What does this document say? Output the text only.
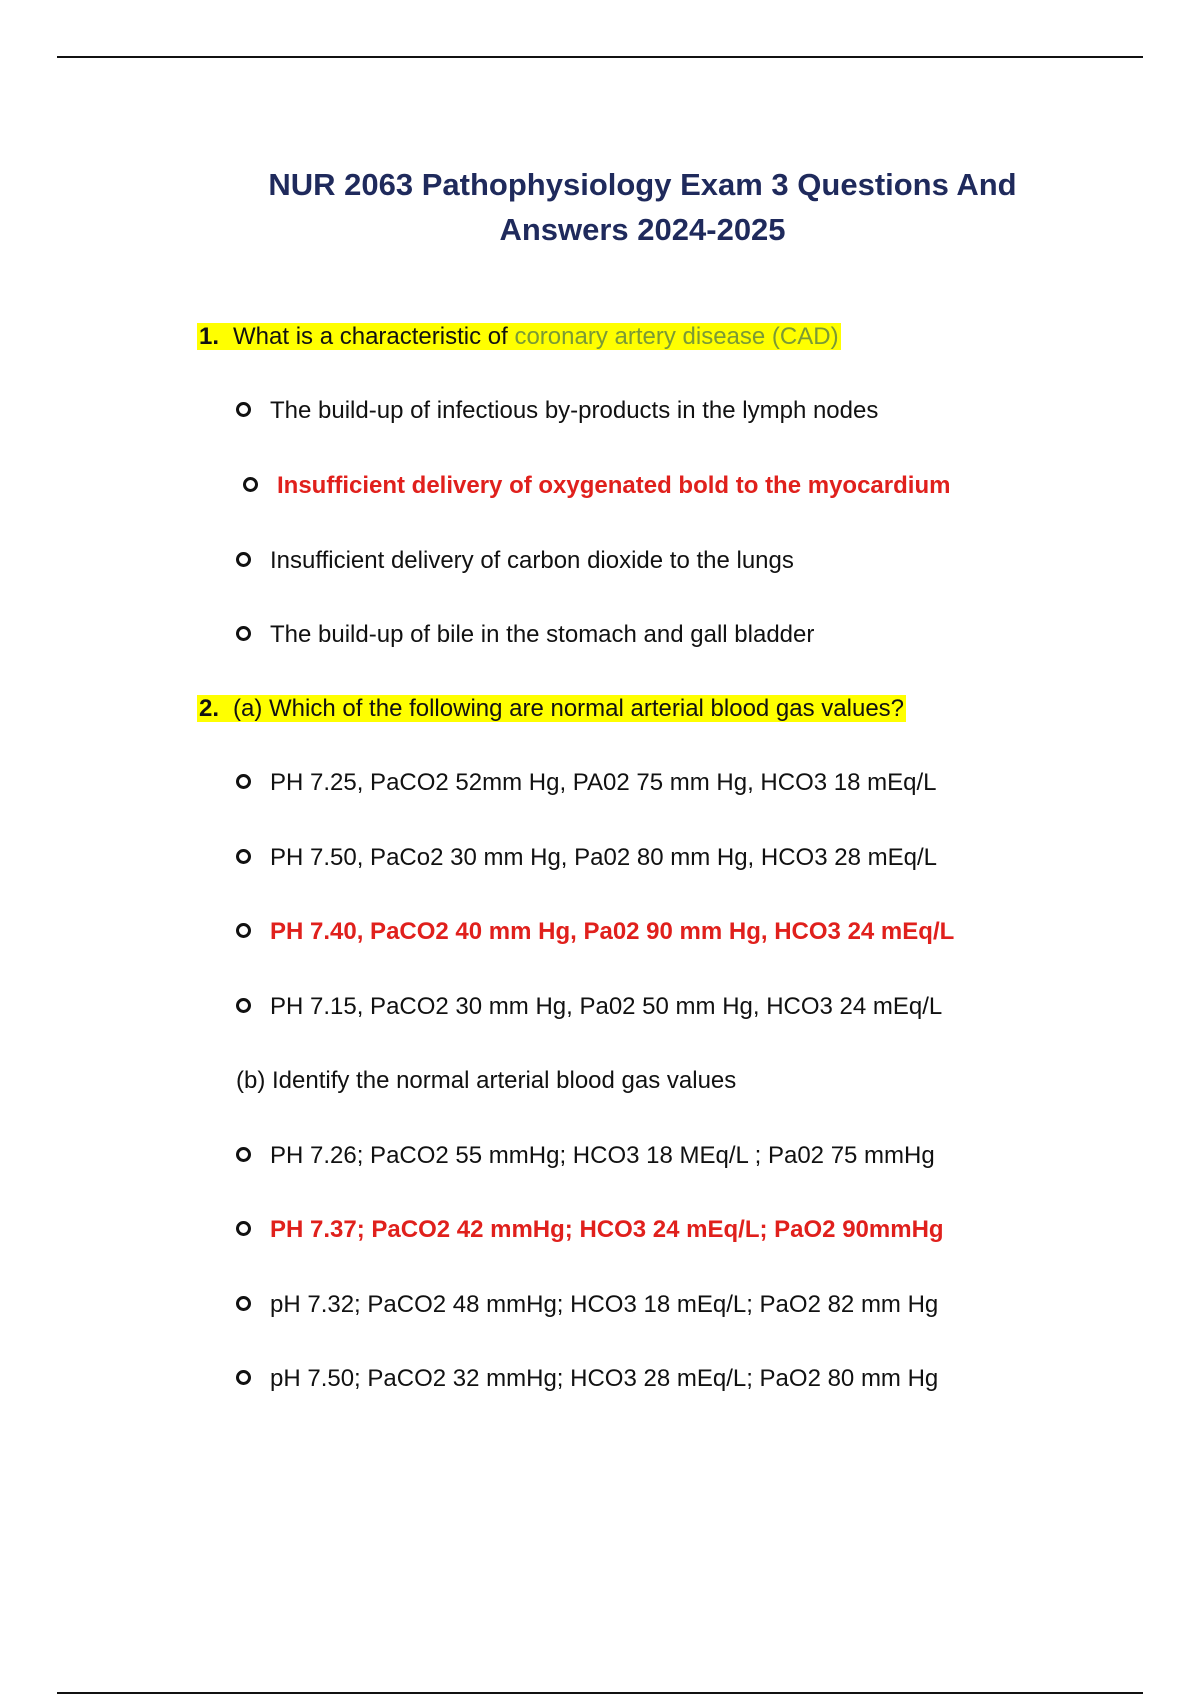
NUR 2063 Pathophysiology Exam 3 Questions And
Answers 2024-2025
1. What is a characteristic of coronary artery disease (CAD)
The build-up of infectious by-products in the lymph nodes
Insufficient delivery of oxygenated bold to the myocardium
Insufficient delivery of carbon dioxide to the lungs
The build-up of bile in the stomach and gall bladder
2. (a) Which of the following are normal arterial blood gas values?
PH 7.25, PaCO2 52mm Hg, PA02 75 mm Hg, HCO3 18 mEq/L
PH 7.50, PaCo2 30 mm Hg, Pa02 80 mm Hg, HCO3 28 mEq/L
PH 7.40, PaCO2 40 mm Hg, Pa02 90 mm Hg, HCO3 24 mEq/L
PH 7.15, PaCO2 30 mm Hg, Pa02 50 mm Hg, HCO3 24 mEq/L
(b) Identify the normal arterial blood gas values
PH 7.26; PaCO2 55 mmHg; HCO3 18 MEq/L ; Pa02 75 mmHg
PH 7.37; PaCO2 42 mmHg; HCO3 24 mEq/L; PaO2 90mmHg
pH 7.32; PaCO2 48 mmHg; HCO3 18 mEq/L; PaO2 82 mm Hg
pH 7.50; PaCO2 32 mmHg; HCO3 28 mEq/L; PaO2 80 mm Hg
